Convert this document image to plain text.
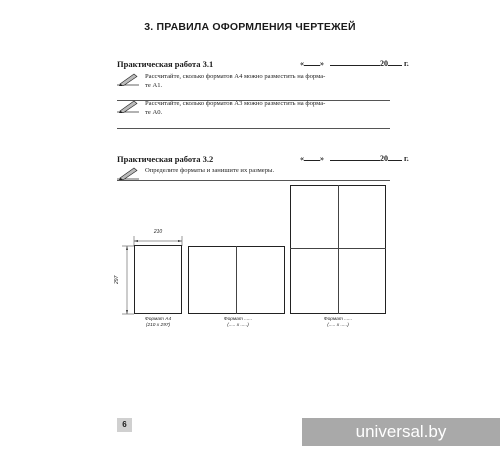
3. ПРАВИЛА ОФОРМЛЕНИЯ ЧЕРТЕЖЕЙ
Практическая работа 3.1	« »	20 г.
Рассчитайте, сколько форматов А4 можно разместить на форма-
те А1.
Рассчитайте, сколько форматов А3 можно разместить на форма-
те А0.
Практическая работа 3.2	« »	20 г.
Определите форматы и занишите их размеры.
210
297
Формат А4
(210 х 297)
Формат ......
(..... х .....)
Формат ......
(..... х .....)
6	universal.by
